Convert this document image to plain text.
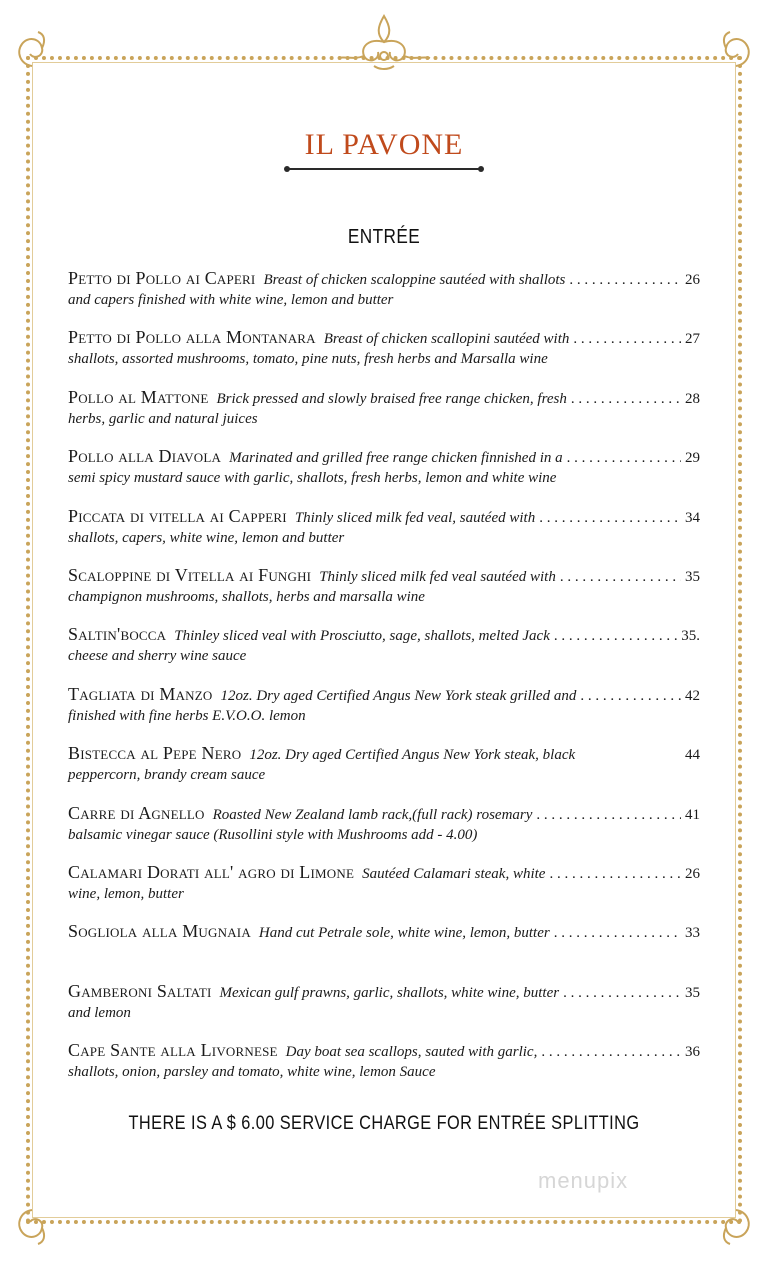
IL PAVONE
ENTRÉE
Petto di Pollo ai Caperi Breast of chicken scaloppine sautéed with shallots . . .	26
and capers finished with white wine, lemon and butter
Petto di Pollo alla Montanara Breast of chicken scallopini sautéed with . . .	27
shallots, assorted mushrooms, tomato, pine nuts, fresh herbs and Marsalla wine
Pollo al Mattone Brick pressed and slowly braised free range chicken, fresh . . .	28
herbs, garlic and natural juices
Pollo alla Diavola Marinated and grilled free range chicken finnished in a . . .	29
semi spicy mustard sauce with garlic, shallots, fresh herbs, lemon and white wine
Piccata di vitella ai Capperi Thinly sliced milk fed veal, sautéed with . . .	34
shallots, capers, white wine, lemon and butter
Scaloppine di Vitella ai Funghi Thinly sliced milk fed veal sautéed with . . .	35
champignon mushrooms, shallots, herbs and marsalla wine
Saltin'bocca Thinley sliced veal with Prosciutto, sage, shallots, melted Jack . . .	35.
cheese and sherry wine sauce
Tagliata di Manzo 12oz. Dry aged Certified Angus New York steak grilled and . . .	42
finished with fine herbs E.V.O.O. lemon
Bistecca al Pepe Nero 12oz. Dry aged Certified Angus New York steak, black	44
peppercorn, brandy cream sauce
Carre di Agnello Roasted New Zealand lamb rack,(full rack) rosemary . . .	41
balsamic vinegar sauce (Rusollini style with Mushrooms add - 4.00)
Calamari Dorati all' agro di Limone Sautéed Calamari steak, white . . .	26
wine, lemon, butter
Sogliola alla Mugnaia Hand cut Petrale sole, white wine, lemon, butter . . .	33
Gamberoni Saltati Mexican gulf prawns, garlic, shallots, white wine, butter . . .	35
and lemon
Cape Sante alla Livornese Day boat sea scallops, sauted with garlic, . . .	36
shallots, onion, parsley and tomato, white wine, lemon Sauce
THERE IS A $ 6.00 SERVICE CHARGE FOR ENTRÉE SPLITTING
menupix
